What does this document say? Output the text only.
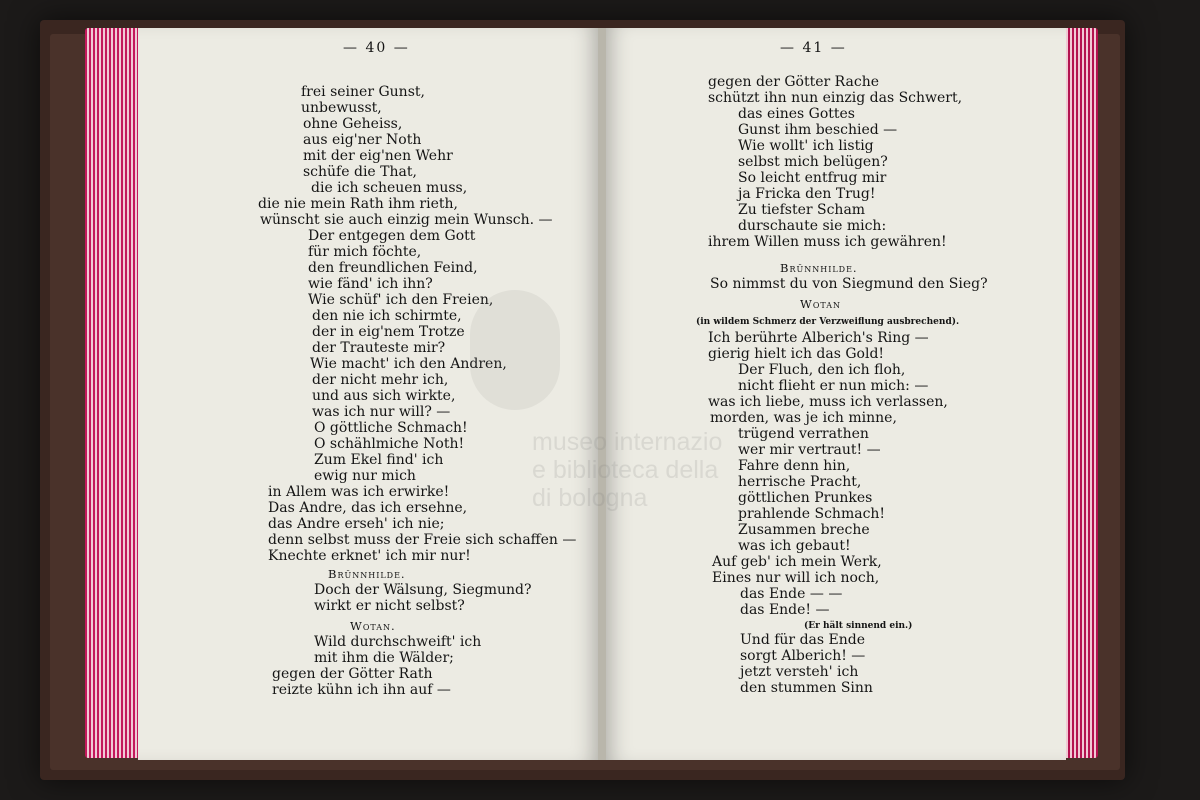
— 40 —
frei seiner Gunst,
unbewusst,
ohne Geheiss,
aus eig'ner Noth
mit der eig'nen Wehr
schüfe die That,
die ich scheuen muss,
die nie mein Rath ihm rieth,
wünscht sie auch einzig mein Wunsch. —
Der entgegen dem Gott
für mich föchte,
den freundlichen Feind,
wie fänd' ich ihn?
Wie schüf' ich den Freien,
den nie ich schirmte,
der in eig'nem Trotze
der Trauteste mir?
Wie macht' ich den Andren,
der nicht mehr ich,
und aus sich wirkte,
was ich nur will? —
O göttliche Schmach!
O schählmiche Noth!
Zum Ekel find' ich
ewig nur mich
in Allem was ich erwirke!
Das Andre, das ich ersehne,
das Andre erseh' ich nie;
denn selbst muss der Freie sich schaffen —
Knechte erknet' ich mir nur!
Brünnhilde.
Doch der Wälsung, Siegmund?
wirkt er nicht selbst?
Wotan.
Wild durchschweift' ich
mit ihm die Wälder;
gegen der Götter Rath
reizte kühn ich ihn auf —
— 41 —
gegen der Götter Rache
schützt ihn nun einzig das Schwert,
das eines Gottes
Gunst ihm beschied —
Wie wollt' ich listig
selbst mich belügen?
So leicht entfrug mir
ja Fricka den Trug!
Zu tiefster Scham
durschaute sie mich:
ihrem Willen muss ich gewähren!
Brünnhilde.
So nimmst du von Siegmund den Sieg?
Wotan
(in wildem Schmerz der Verzweiflung ausbrechend).
Ich berührte Alberich's Ring —
gierig hielt ich das Gold!
Der Fluch, den ich floh,
nicht flieht er nun mich: —
was ich liebe, muss ich verlassen,
morden, was je ich minne,
trügend verrathen
wer mir vertraut! —
Fahre denn hin,
herrische Pracht,
göttlichen Prunkes
prahlende Schmach!
Zusammen breche
was ich gebaut!
Auf geb' ich mein Werk,
Eines nur will ich noch,
das Ende — —
das Ende! —
(Er hält sinnend ein.)
Und für das Ende
sorgt Alberich! —
jetzt versteh' ich
den stummen Sinn
